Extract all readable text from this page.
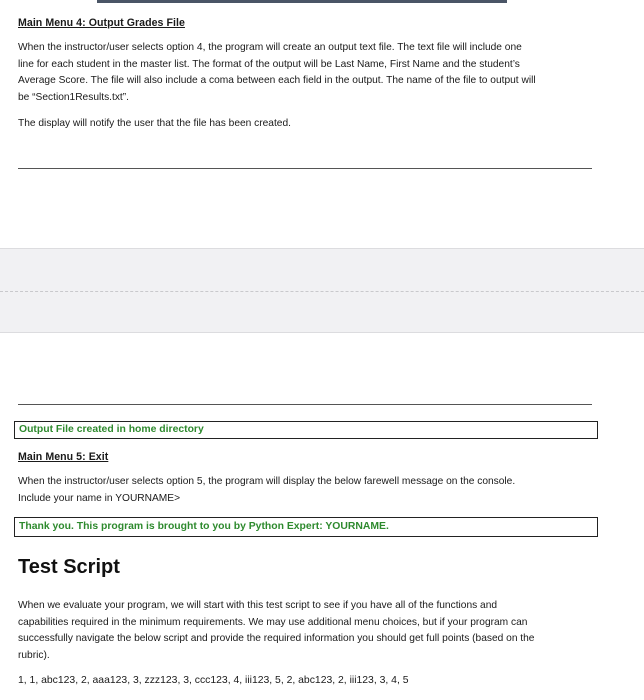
Main Menu 4: Output Grades File
When the instructor/user selects option 4, the program will create an output text file. The text file will include one
line for each student in the master list. The format of the output will be Last Name, First Name and the student’s
Average Score. The file will also include a coma between each field in the output. The name of the file to output will
be “Section1Results.txt”.
The display will notify the user that the file has been created.
Output File created in home directory
Main Menu 5: Exit
When the instructor/user selects option 5, the program will display the below farewell message on the console.
Include your name in YOURNAME>
Thank you. This program is brought to you by Python Expert: YOURNAME.
Test Script
When we evaluate your program, we will start with this test script to see if you have all of the functions and
capabilities required in the minimum requirements. We may use additional menu choices, but if your program can
successfully navigate the below script and provide the required information you should get full points (based on the
rubric).
1, 1, abc123, 2, aaa123, 3, zzz123, 3, ccc123, 4, iii123, 5, 2, abc123, 2, iii123, 3, 4, 5
